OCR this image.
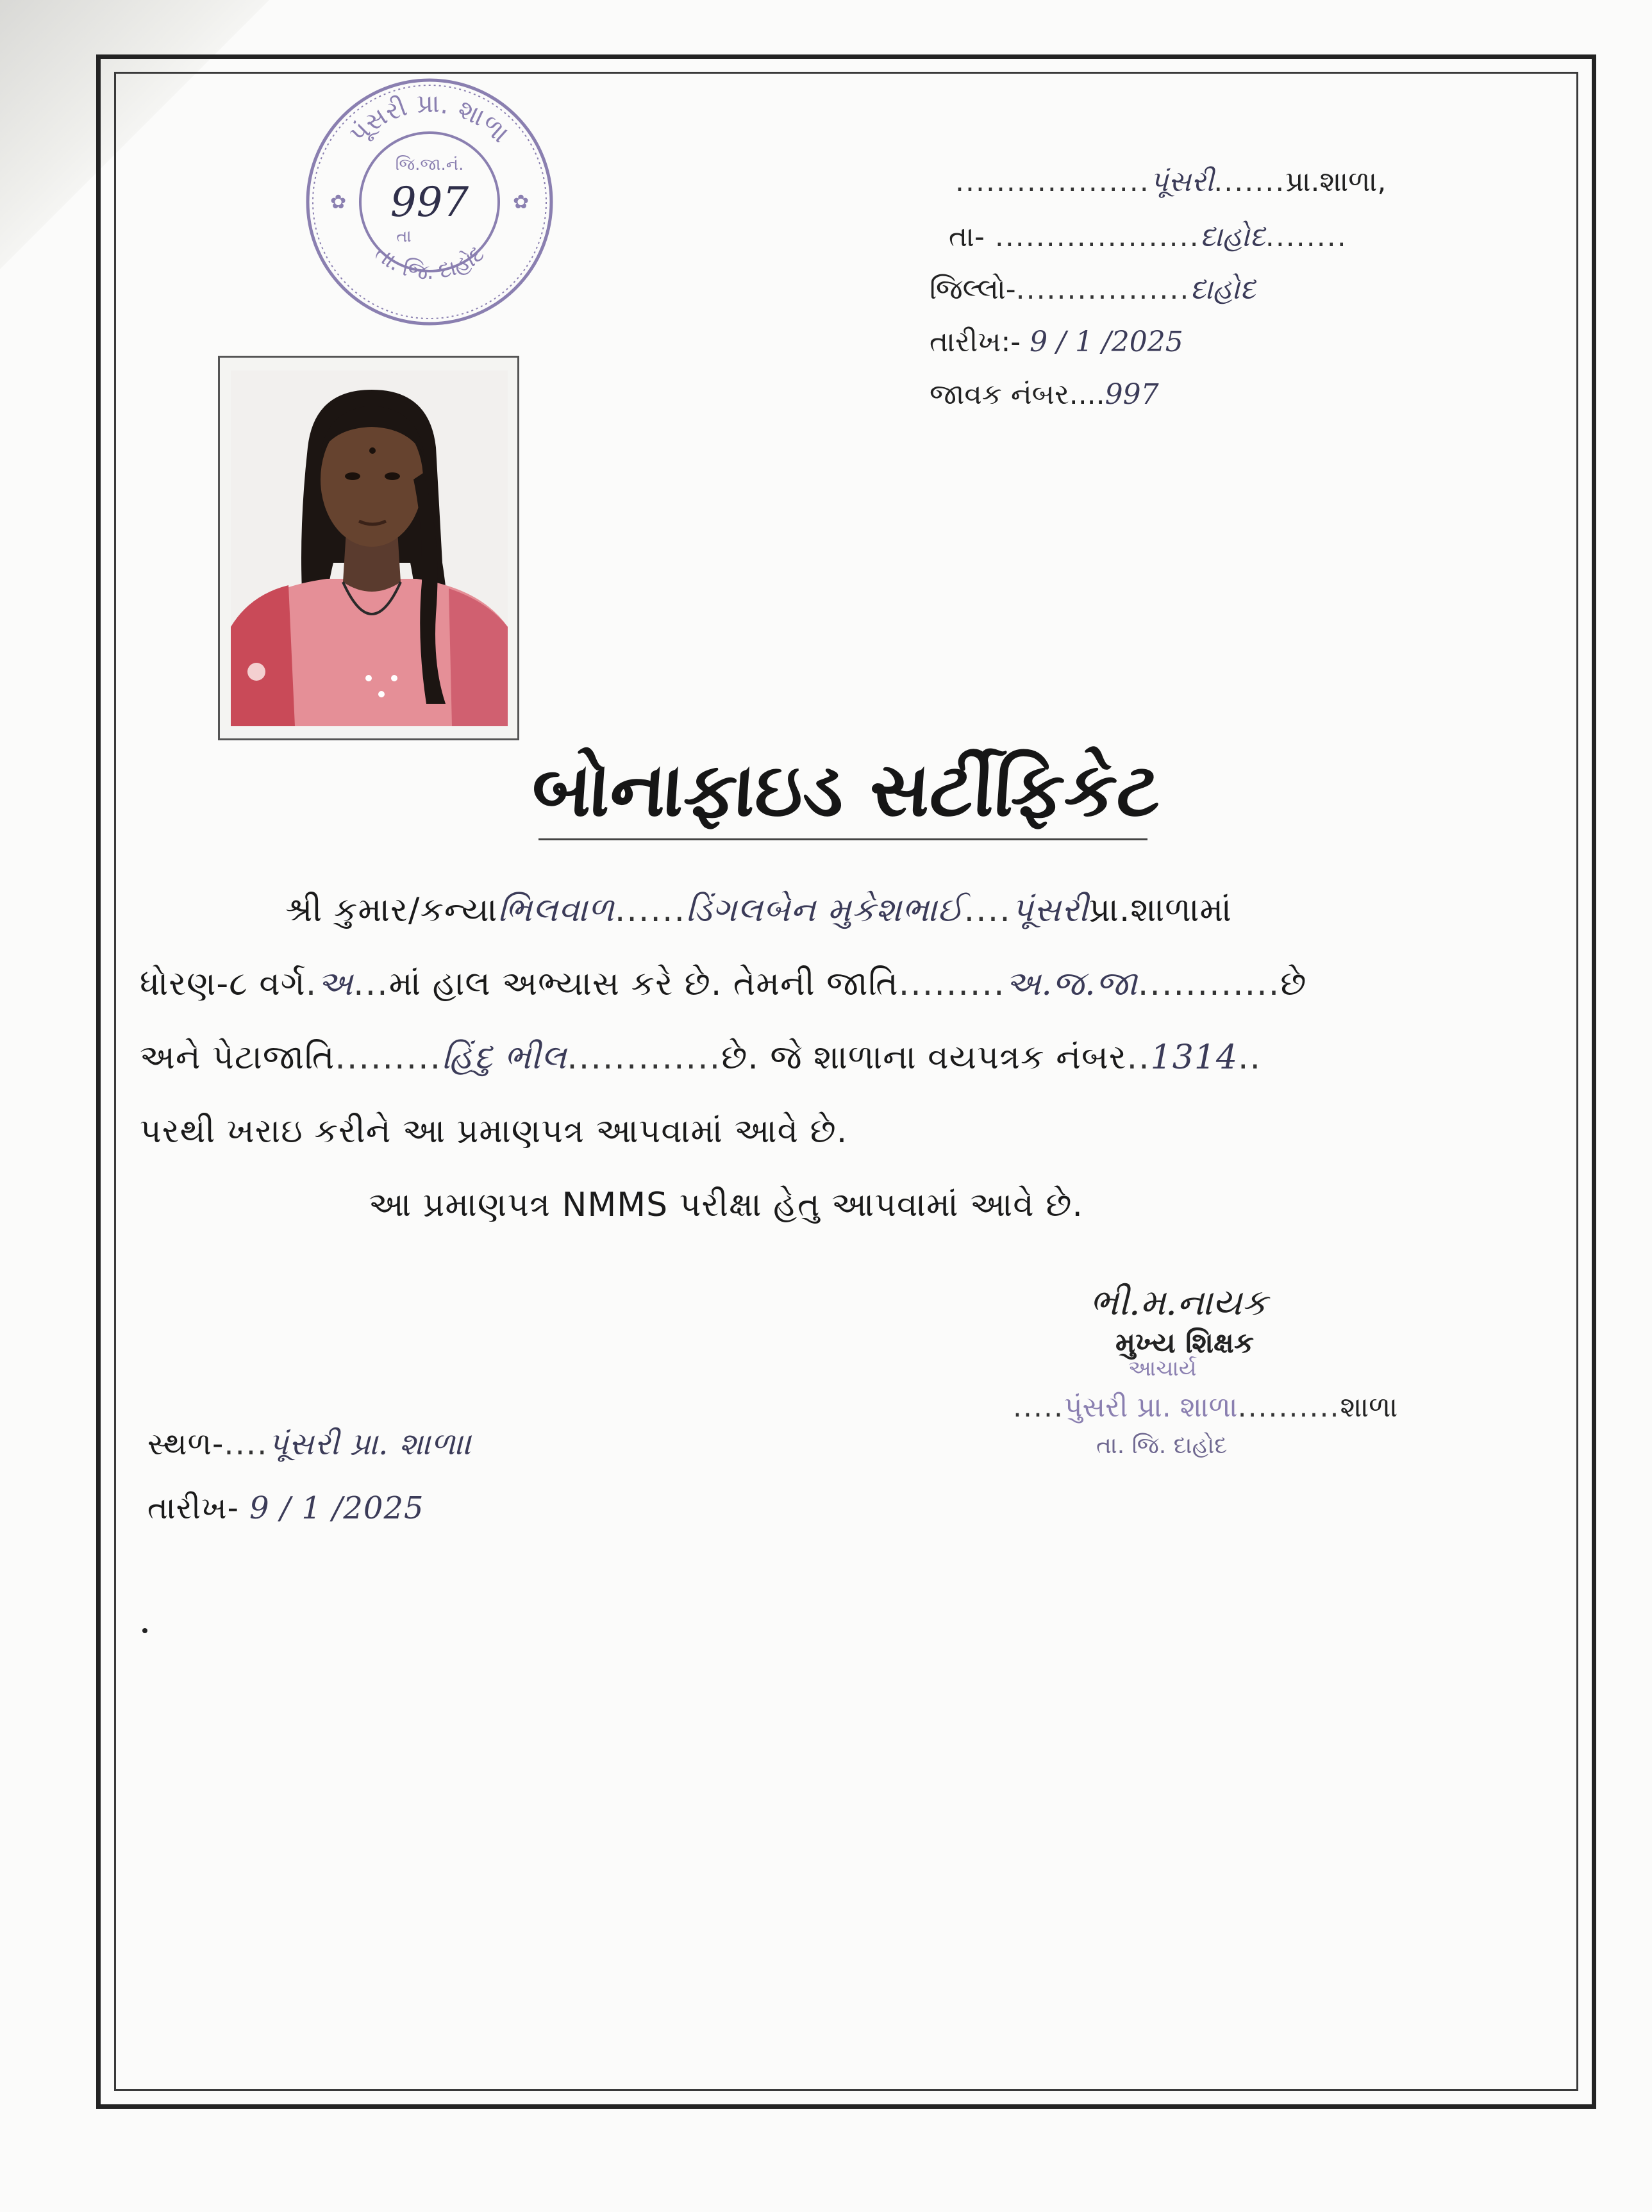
પૂંસરી પ્રા. શાળા
તા. જિ. દાહોદ
જિ.જા.નં.
997
તા
✿	✿
...................પૂંસરી.......પ્રા.શાળા,
તા- ....................દાહોદ........
જિલ્લો-.................દાહોદ
તારીખ:- 9 / 1 /2025
જાવક નંબર....997
બોનાફાઇડ સર્ટીફિકેટ
શ્રી કુમાર/કન્યાભિલવાળ......ડિંગલબેન મુકેશભાઈ....પૂંસરીપ્રા.શાળામાં
ધોરણ-૮ વર્ગ.અ...માં હાલ અભ્યાસ કરે છે. તેમની જાતિ.........અ.જ.જા............છે
અને પેટાજાતિ.........હિંદુ ભીલ.............છે. જે શાળાના વયપત્રક નંબર..1314..
પરથી ખરાઇ કરીને આ પ્રમાણપત્ર આપવામાં આવે છે.
આ પ્રમાણપત્ર NMMS પરીક્ષા હેતુ આપવામાં આવે છે.
ભી.મ.નાયક
મુખ્ય શિક્ષક
આચાર્ય
.....પુંસરી પ્રા. શાળા..........શાળા
તા. જિ. દાહોદ
સ્થળ-....પૂંસરી પ્રા. શાળા।
તારીખ- 9 / 1 /2025
